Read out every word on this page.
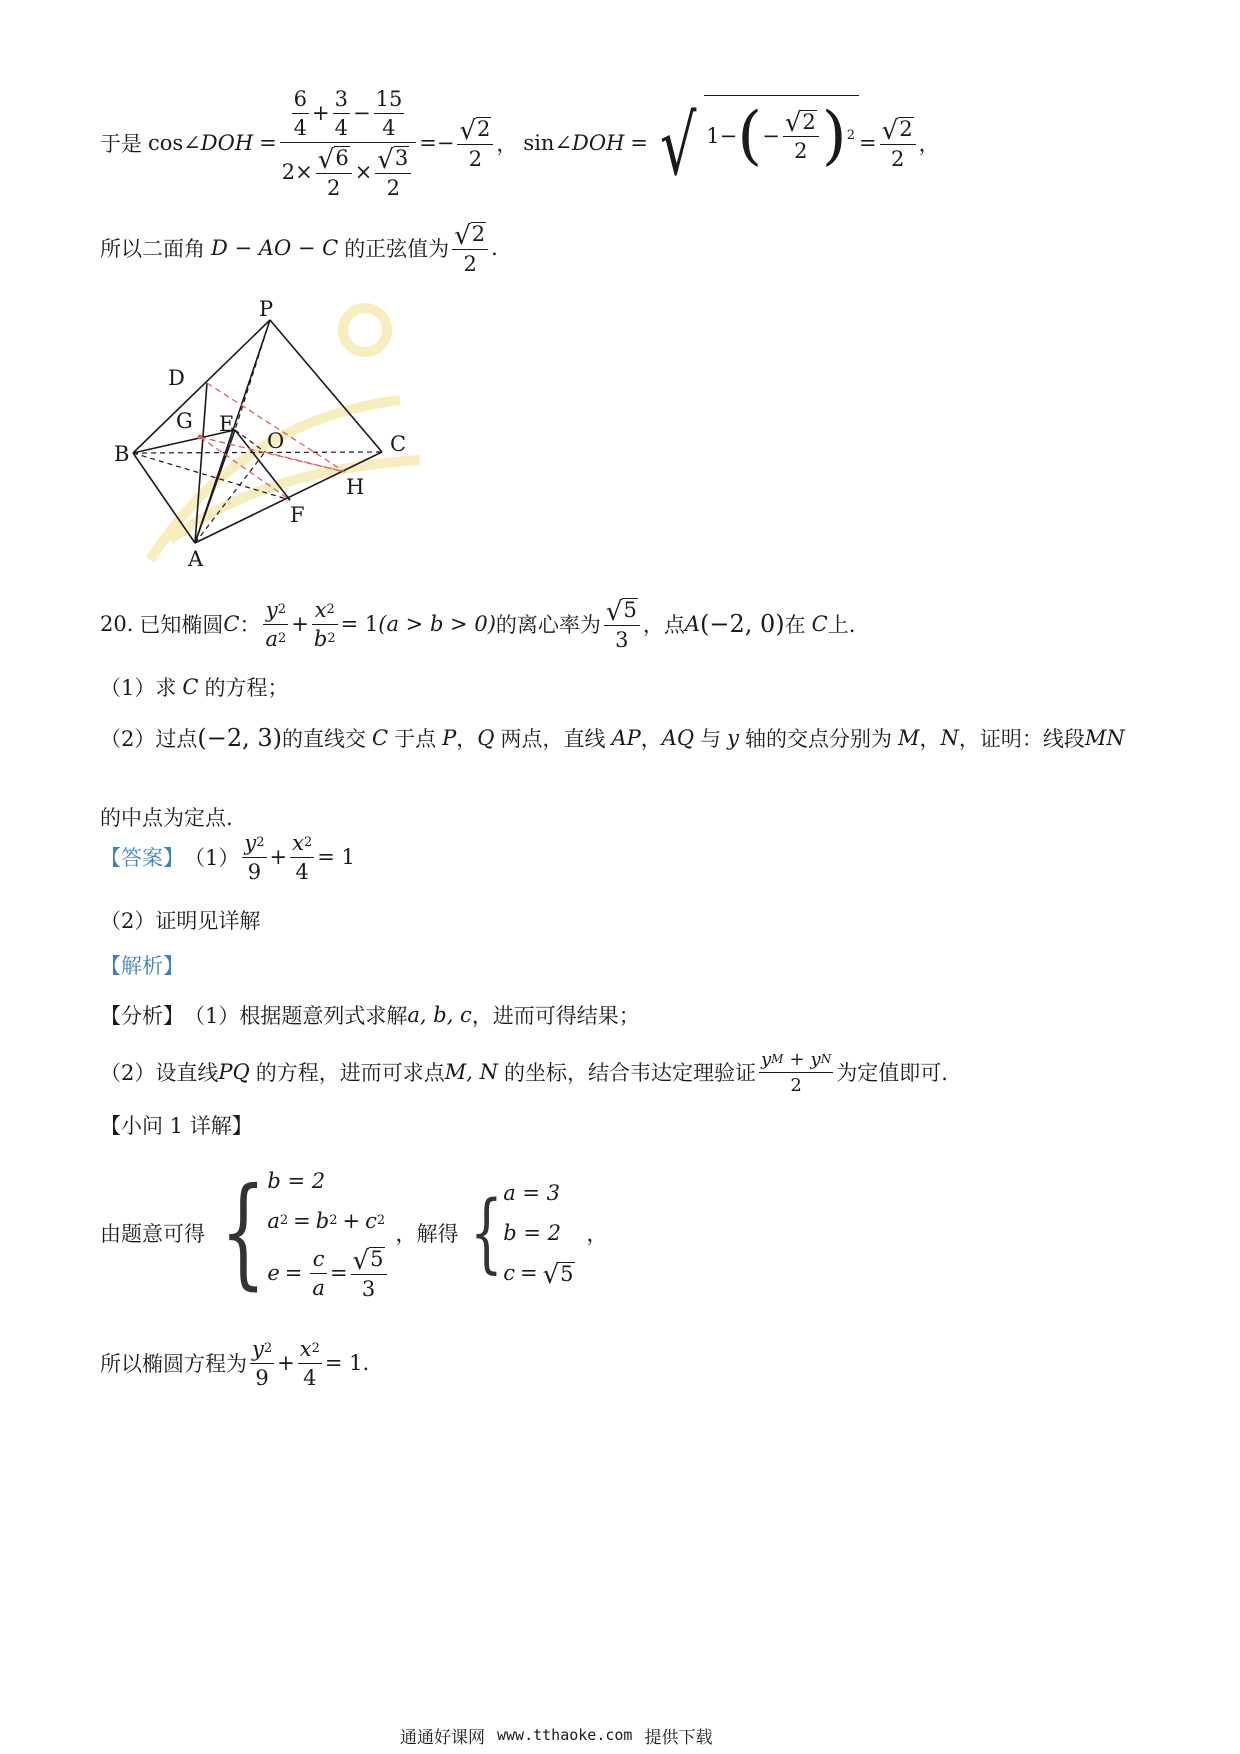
于是 cos∠ DOH = $\frac{\frac{6}{4} + \frac{3}{4} - \frac{15}{4}}{2\times \frac{√ 6}{2} \times \frac{√ 3}{2}}$ = − $\frac{√ 2}{2}$ ， sin∠ DOH = √ 1− ( − $\frac{√ 2}{2}$ ) $2 = \frac{√ 2}{2}$ ，
所以二面角 D − AO − C 的正弦值为 $\frac{√ 2}{2}$ .
P
D
G E
B
O	C
H
F
A
20. 已知椭圆 C ： $\frac{y 2}{a 2} + \frac{x 2}{b 2} = 1$ (a > b > 0) 的离心率为 $\frac{√ 5}{3}$ ，点 A (−2, 0) 在 C 上.
（1）求 C 的方程；
（2）过点 (−2, 3) 的直线交 C 于点 P ， Q 两点，直线 AP ， AQ 与 y 轴的交点分别为 M ， N ，证明：线段 MN
的中点为定点.
【答案】 $(1) \frac{y 2}{9} + \frac{x 2}{4} = 1$
（2）证明见详解
【解析】
【分析】 （1）根据题意列式求解 a, b, c ，进而可得结果；
（2）设直线 PQ 的方程，进而可求点 M, N 的坐标，结合韦达定理验证 $\frac{\text{y M + y N}}{2}$ 为定值即可.
【小问 1 详解】
由题意可得 { b = 2
a 2 = b 2 + c 2
$e = \frac{c}{a} = \frac{√ 5}{3}$
，解得 { a = 3
b = 2
c = √ 5
，
所以椭圆方程为 $\frac{y 2}{9} + \frac{x 2}{4} = 1$ .
通通好课网 www.tthaoke.com 提供下载
